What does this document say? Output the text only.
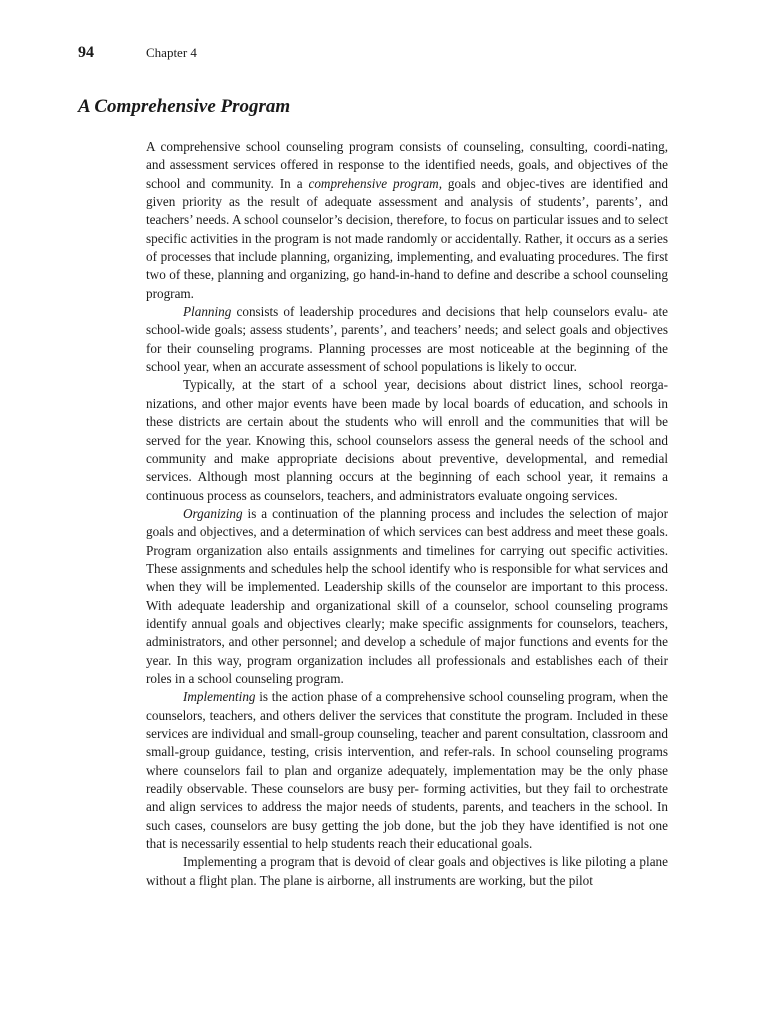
94	Chapter 4
A Comprehensive Program

A comprehensive school counseling program consists of counseling, consulting, coordi-nating, and assessment services offered in response to the identified needs, goals, and objectives of the school and community. In a comprehensive program, goals and objec-tives are identified and given priority as the result of adequate assessment and analysis of students’, parents’, and teachers’ needs. A school counselor’s decision, therefore, to focus on particular issues and to select specific activities in the program is not made randomly or accidentally. Rather, it occurs as a series of processes that include planning, organizing, implementing, and evaluating procedures. The first two of these, planning and organizing, go hand-in-hand to define and describe a school counseling program.

Planning consists of leadership procedures and decisions that help counselors evalu- ate school-wide goals; assess students’, parents’, and teachers’ needs; and select goals and objectives for their counseling programs. Planning processes are most noticeable at the beginning of the school year, when an accurate assessment of school populations is likely to occur.

Typically, at the start of a school year, decisions about district lines, school reorga-nizations, and other major events have been made by local boards of education, and schools in these districts are certain about the students who will enroll and the communities that will be served for the year. Knowing this, school counselors assess the general needs of the school and community and make appropriate decisions about preventive, developmental, and remedial services. Although most planning occurs at the beginning of each school year, it remains a continuous process as counselors, teachers, and administrators evaluate ongoing services.

Organizing is a continuation of the planning process and includes the selection of major goals and objectives, and a determination of which services can best address and meet these goals. Program organization also entails assignments and timelines for carrying out specific activities. These assignments and schedules help the school identify who is responsible for what services and when they will be implemented. Leadership skills of the counselor are important to this process. With adequate leadership and organizational skill of a counselor, school counseling programs identify annual goals and objectives clearly; make specific assignments for counselors, teachers, administrators, and other personnel; and develop a schedule of major functions and events for the year. In this way, program organization includes all professionals and establishes each of their roles in a school counseling program.

Implementing is the action phase of a comprehensive school counseling program, when the counselors, teachers, and others deliver the services that constitute the program. Included in these services are individual and small-group counseling, teacher and parent consultation, classroom and small-group guidance, testing, crisis intervention, and refer-rals. In school counseling programs where counselors fail to plan and organize adequately, implementation may be the only phase readily observable. These counselors are busy per- forming activities, but they fail to orchestrate and align services to address the major needs of students, parents, and teachers in the school. In such cases, counselors are busy getting the job done, but the job they have identified is not one that is necessarily essential to help students reach their educational goals.

Implementing a program that is devoid of clear goals and objectives is like piloting a plane without a flight plan. The plane is airborne, all instruments are working, but the pilot
